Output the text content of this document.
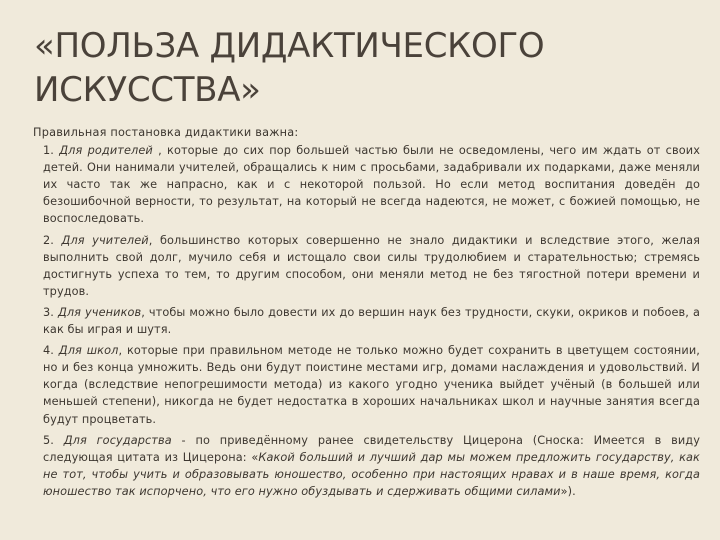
«ПОЛЬЗА ДИДАКТИЧЕСКОГО ИСКУССТВА»

Правильная постановка дидактики важна:

1. Для родителей , которые до сих пор большей частью были не осведомлены, чего им ждать от своих детей. Они нанимали учителей, обращались к ним с просьбами, задабривали их подарками, даже меняли их часто так же напрасно, как и с некоторой пользой. Но если метод воспитания доведён до безошибочной верности, то результат, на который не всегда надеются, не может, с божией помощью, не воспоследовать.
2. Для учителей, большинство которых совершенно не знало дидактики и вследствие этого, желая выполнить свой долг, мучило себя и истощало свои силы трудолюбием и старательностью; стремясь достигнуть успеха то тем, то другим способом, они меняли метод не без тягостной потери времени и трудов.
3. Для учеников, чтобы можно было довести их до вершин наук без трудности, скуки, окриков и побоев, а как бы играя и шутя.
4. Для школ, которые при правильном методе не только можно будет сохранить в цветущем состоянии, но и без конца умножить. Ведь они будут поистине местами игр, домами наслаждения и удовольствий. И когда (вследствие непогрешимости метода) из какого угодно ученика выйдет учёный (в большей или меньшей степени), никогда не будет недостатка в хороших начальниках школ и научные занятия всегда будут процветать.
5. Для государства - по приведённому ранее свидетельству Цицерона (Сноска: Имеется в виду следующая цитата из Цицерона: «Какой больший и лучший дар мы можем предложить государству, как не тот, чтобы учить и образовывать юношество, особенно при настоящих нравах и в наше время, когда юношество так испорчено, что его нужно обуздывать и сдерживать общими силами»).
